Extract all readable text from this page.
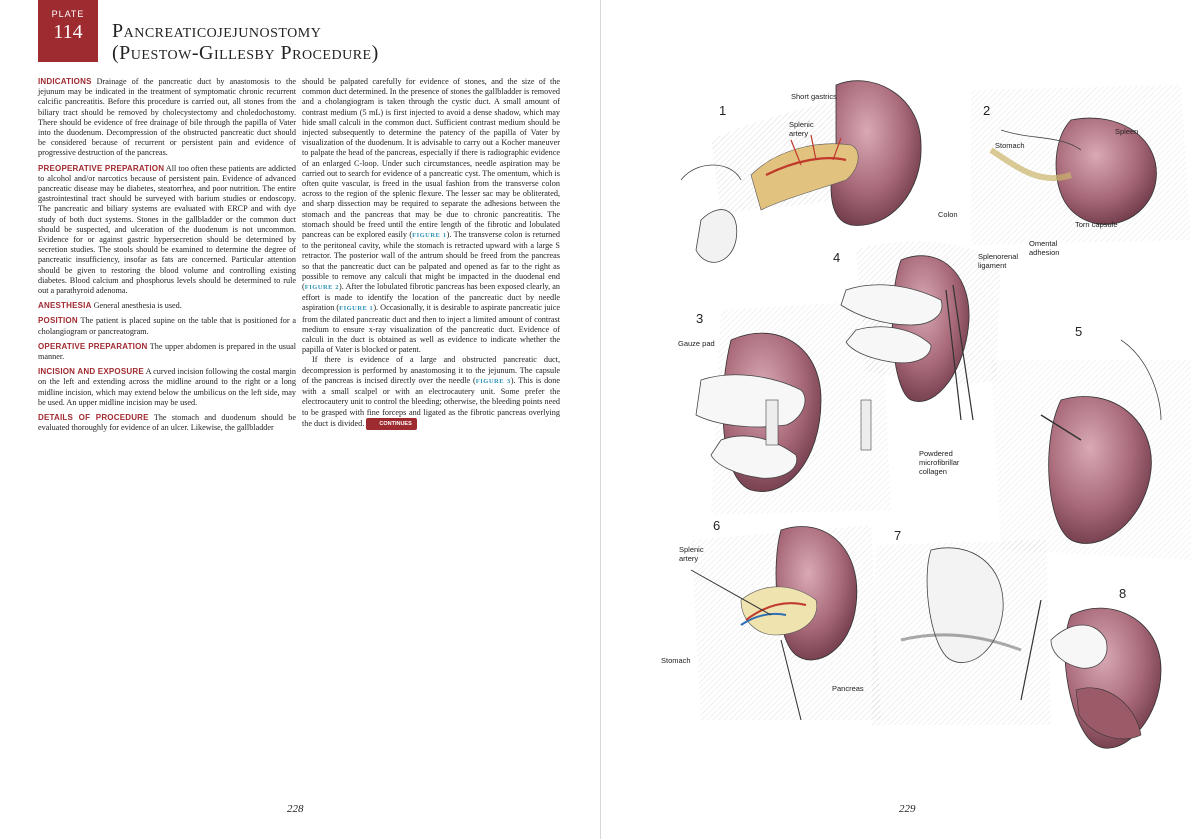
PLATE
114	Pancreaticojejunostomy
(Puestow-Gillesby Procedure)

INDICATIONS Drainage of the pancreatic duct by anastomosis to the jejunum may be indicated in the treatment of symptomatic chronic recurrent calcific pancreatitis. Before this procedure is carried out, all stones from the biliary tract should be removed by cholecystectomy and choledochostomy. There should be evidence of free drainage of bile through the papilla of Vater into the duodenum. Decompression of the obstructed pancreatic duct should be considered because of recurrent or persistent pain and evidence of progressive destruction of the pancreas.

PREOPERATIVE PREPARATION All too often these patients are addicted to alcohol and/or narcotics because of persistent pain. Evidence of advanced pancreatic disease may be diabetes, steatorrhea, and poor nutrition. The entire gastrointestinal tract should be surveyed with barium studies or endoscopy. The pancreatic and biliary systems are evaluated with ERCP and with dye study of both duct systems. Stones in the gallbladder or the common duct should be suspected, and ulceration of the duodenum is not uncommon. Evidence for or against gastric hypersecretion should be determined by secretion studies. The stools should be examined to determine the degree of pancreatic insufficiency, insofar as fats are concerned. Particular attention should be given to restoring the blood volume and controlling existing diabetes. Blood calcium and phosphorus levels should be determined to rule out a parathyroid adenoma.

ANESTHESIA General anesthesia is used.

POSITION The patient is placed supine on the table that is positioned for a cholangiogram or pancreatogram.

OPERATIVE PREPARATION The upper abdomen is prepared in the usual manner.

INCISION AND EXPOSURE A curved incision following the costal margin on the left and extending across the midline around to the right or a long midline incision, which may extend below the umbilicus on the left side, may be used. An upper midline incision may be used.

DETAILS OF PROCEDURE The stomach and duodenum should be evaluated thoroughly for evidence of an ulcer. Likewise, the gallbladder

should be palpated carefully for evidence of stones, and the size of the common duct determined. In the presence of stones the gallbladder is removed and a cholangiogram is taken through the cystic duct. A small amount of contrast medium (5 mL) is first injected to avoid a dense shadow, which may hide small calculi in the common duct. Sufficient contrast medium should be injected subsequently to determine the patency of the papilla of Vater by visualization of the duodenum. It is advisable to carry out a Kocher maneuver to palpate the head of the pancreas, especially if there is radiographic evidence of an enlarged C-loop. Under such circumstances, needle aspiration may be carried out to search for evidence of a pancreatic cyst. The omentum, which is often quite vascular, is freed in the usual fashion from the transverse colon across to the region of the splenic flexure. The lesser sac may be obliterated, and sharp dissection may be required to separate the adhesions between the stomach and the pancreas that may be due to chronic pancreatitis. The stomach should be freed until the entire length of the fibrotic and lobulated pancreas can be explored easily (FIGURE 1). The transverse colon is returned to the peritoneal cavity, while the stomach is retracted upward with a large S retractor. The posterior wall of the antrum should be freed from the pancreas so that the pancreatic duct can be palpated and opened as far to the right as possible to remove any calculi that might be impacted in the duodenal end (FIGURE 2). After the lobulated fibrotic pancreas has been exposed clearly, an effort is made to identify the location of the pancreatic duct by needle aspiration (FIGURE 1). Occasionally, it is desirable to aspirate pancreatic juice from the dilated pancreatic duct and then to inject a limited amount of contrast medium to ensure x-ray visualization of the pancreatic duct. Evidence of calculi in the duct is obtained as well as evidence to indicate whether the papilla of Vater is blocked or patent.

If there is evidence of a large and obstructed pancreatic duct, decompression is performed by anastomosing it to the jejunum. The capsule of the pancreas is incised directly over the needle (FIGURE 3). This is done with a small scalpel or with an electrocautery unit. Some prefer the electrocautery unit to control the bleeding; otherwise, the bleeding points need to be grasped with fine forceps and ligated as the fibrotic pancreas overlying the duct is divided. CONTINUES

228
1	2
3
4
5
6
7
8
Short gastrics
Splenic artery
Stomach
Spleen
Colon
Torn capsule
Omental adhesion
Splenorenal ligament
Gauze pad
Powdered microfibrillar collagen
Splenic artery
Stomach
Pancreas
229
